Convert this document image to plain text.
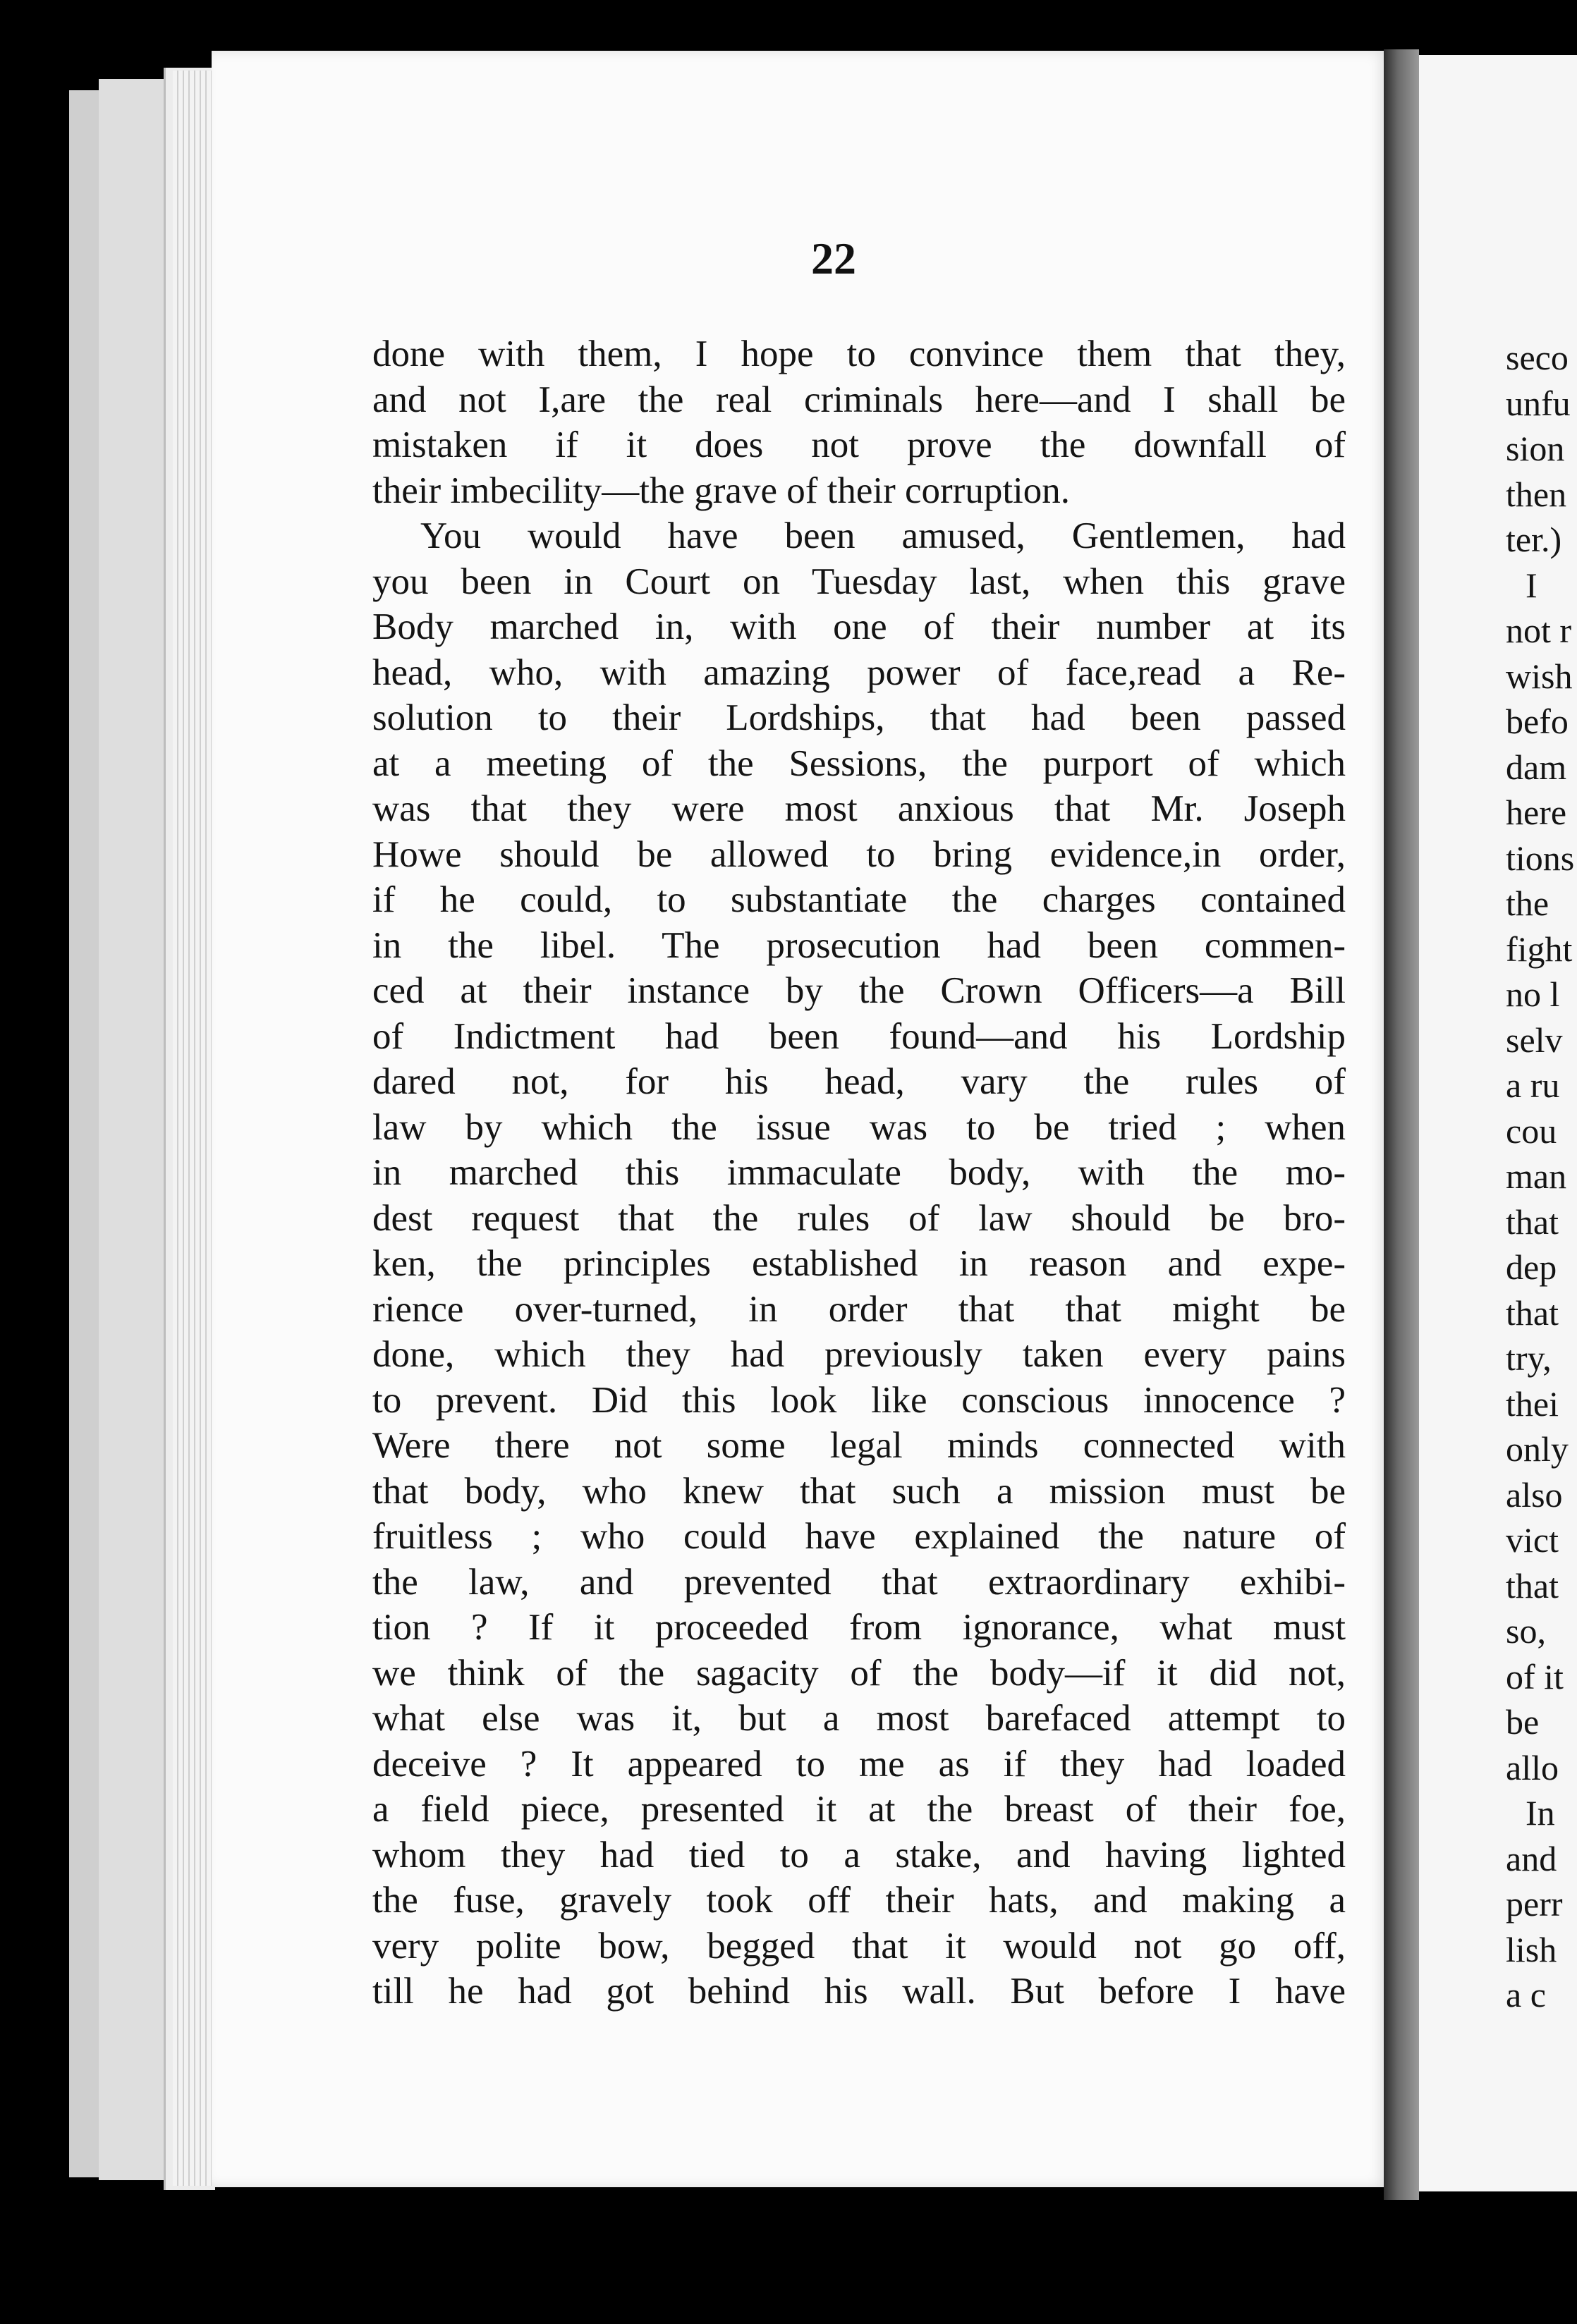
22
done with them, I hope to convince them that they,
and not I,are the real criminals here—and I shall be
mistaken if it does not prove the downfall of
their imbecility—the grave of their corruption.
You would have been amused, Gentlemen, had
you been in Court on Tuesday last, when this grave
Body marched in, with one of their number at its
head, who, with amazing power of face,read a Re-
solution to their Lordships, that had been passed
at a meeting of the Sessions, the purport of which
was that they were most anxious that Mr. Joseph
Howe should be allowed to bring evidence,in order,
if he could, to substantiate the charges contained
in the libel. The prosecution had been commen-
ced at their instance by the Crown Officers—a Bill
of Indictment had been found—and his Lordship
dared not, for his head, vary the rules of
law by which the issue was to be tried ; when
in marched this immaculate body, with the mo-
dest request that the rules of law should be bro-
ken, the principles established in reason and expe-
rience over-turned, in order that that might be
done, which they had previously taken every pains
to prevent. Did this look like conscious innocence ?
Were there not some legal minds connected with
that body, who knew that such a mission must be
fruitless ; who could have explained the nature of
the law, and prevented that extraordinary exhibi-
tion ? If it proceeded from ignorance, what must
we think of the sagacity of the body—if it did not,
what else was it, but a most barefaced attempt to
deceive ? It appeared to me as if they had loaded
a field piece, presented it at the breast of their foe,
whom they had tied to a stake, and having lighted
the fuse, gravely took off their hats, and making a
very polite bow, begged that it would not go off,
till he had got behind his wall. But before I have
seco
unfu
sion
then
ter.)
I
not r
wish
befo
dam
here
tions
the
fight
no l
selv
a ru
cou
man
that
dep
that
try,
thei
only
also
vict
that
so,
of it
be
allo
In
and
perr
lish
a c
